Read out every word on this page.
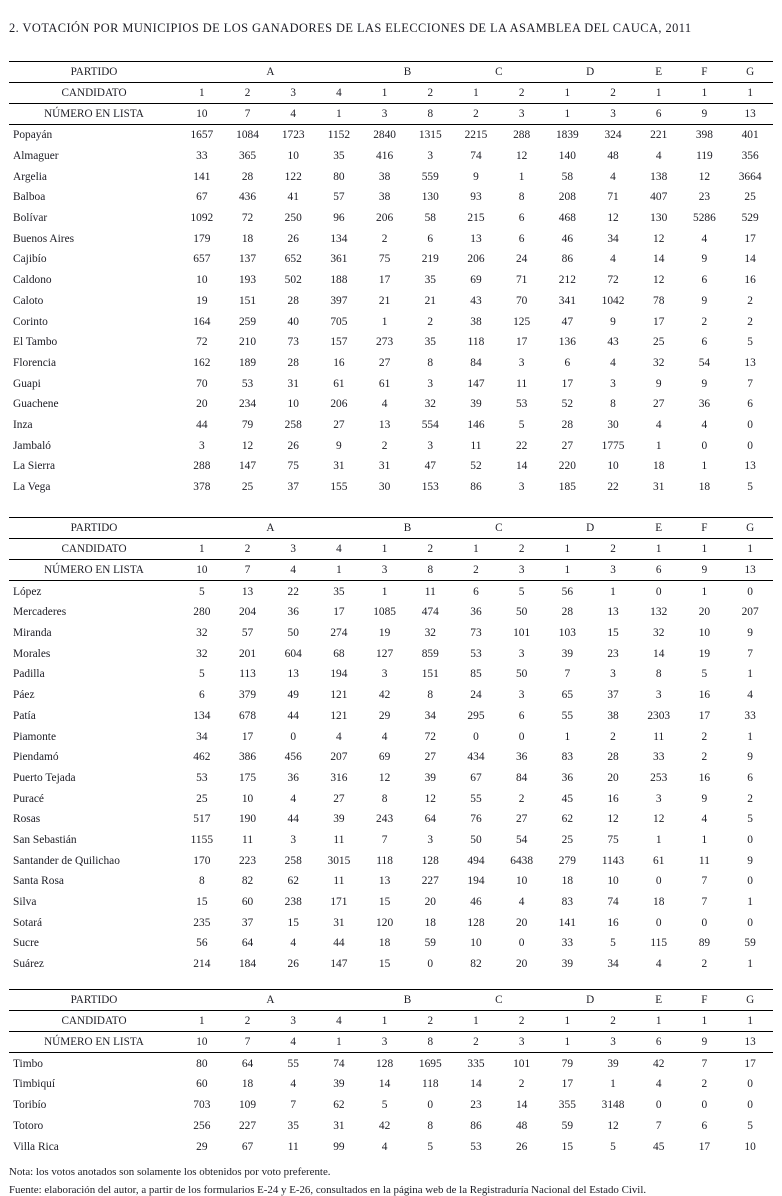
2. VOTACIÓN POR MUNICIPIOS DE LOS GANADORES DE LAS ELECCIONES DE LA ASAMBLEA DEL CAUCA, 2011
PARTIDO	A				B		C		D		E	F	G
CANDIDATO	1	2	3	4	1	2	1	2	1	2	1	1	1
NÚMERO EN LISTA	10	7	4	1	3	8	2	3	1	3	6	9	13
Popayán	1657	1084	1723	1152	2840	1315	2215	288	1839	324	221	398	401
Almaguer	33	365	10	35	416	3	74	12	140	48	4	119	356
Argelia	141	28	122	80	38	559	9	1	58	4	138	12	3664
Balboa	67	436	41	57	38	130	93	8	208	71	407	23	25
Bolívar	1092	72	250	96	206	58	215	6	468	12	130	5286	529
Buenos Aires	179	18	26	134	2	6	13	6	46	34	12	4	17
Cajibío	657	137	652	361	75	219	206	24	86	4	14	9	14
Caldono	10	193	502	188	17	35	69	71	212	72	12	6	16
Caloto	19	151	28	397	21	21	43	70	341	1042	78	9	2
Corinto	164	259	40	705	1	2	38	125	47	9	17	2	2
El Tambo	72	210	73	157	273	35	118	17	136	43	25	6	5
Florencia	162	189	28	16	27	8	84	3	6	4	32	54	13
Guapi	70	53	31	61	61	3	147	11	17	3	9	9	7
Guachene	20	234	10	206	4	32	39	53	52	8	27	36	6
Inza	44	79	258	27	13	554	146	5	28	30	4	4	0
Jambaló	3	12	26	9	2	3	11	22	27	1775	1	0	0
La Sierra	288	147	75	31	31	47	52	14	220	10	18	1	13
La Vega	378	25	37	155	30	153	86	3	185	22	31	18	5
PARTIDO	A				B		C		D		E	F	G
CANDIDATO	1	2	3	4	1	2	1	2	1	2	1	1	1
NÚMERO EN LISTA	10	7	4	1	3	8	2	3	1	3	6	9	13
López	5	13	22	35	1	11	6	5	56	1	0	1	0
Mercaderes	280	204	36	17	1085	474	36	50	28	13	132	20	207
Miranda	32	57	50	274	19	32	73	101	103	15	32	10	9
Morales	32	201	604	68	127	859	53	3	39	23	14	19	7
Padilla	5	113	13	194	3	151	85	50	7	3	8	5	1
Páez	6	379	49	121	42	8	24	3	65	37	3	16	4
Patía	134	678	44	121	29	34	295	6	55	38	2303	17	33
Piamonte	34	17	0	4	4	72	0	0	1	2	11	2	1
Piendamó	462	386	456	207	69	27	434	36	83	28	33	2	9
Puerto Tejada	53	175	36	316	12	39	67	84	36	20	253	16	6
Puracé	25	10	4	27	8	12	55	2	45	16	3	9	2
Rosas	517	190	44	39	243	64	76	27	62	12	12	4	5
San Sebastián	1155	11	3	11	7	3	50	54	25	75	1	1	0
Santander de Quilichao	170	223	258	3015	118	128	494	6438	279	1143	61	11	9
Santa Rosa	8	82	62	11	13	227	194	10	18	10	0	7	0
Silva	15	60	238	171	15	20	46	4	83	74	18	7	1
Sotará	235	37	15	31	120	18	128	20	141	16	0	0	0
Sucre	56	64	4	44	18	59	10	0	33	5	115	89	59
Suárez	214	184	26	147	15	0	82	20	39	34	4	2	1
PARTIDO	A				B		C		D		E	F	G
CANDIDATO	1	2	3	4	1	2	1	2	1	2	1	1	1
NÚMERO EN LISTA	10	7	4	1	3	8	2	3	1	3	6	9	13
Timbo	80	64	55	74	128	1695	335	101	79	39	42	7	17
Timbiquí	60	18	4	39	14	118	14	2	17	1	4	2	0
Toribío	703	109	7	62	5	0	23	14	355	3148	0	0	0
Totoro	256	227	35	31	42	8	86	48	59	12	7	6	5
Villa Rica	29	67	11	99	4	5	53	26	15	5	45	17	10

Nota: los votos anotados son solamente los obtenidos por voto preferente.

Fuente: elaboración del autor, a partir de los formularios E-24 y E-26, consultados en la página web de la Registraduría Nacional del Estado Civil.
